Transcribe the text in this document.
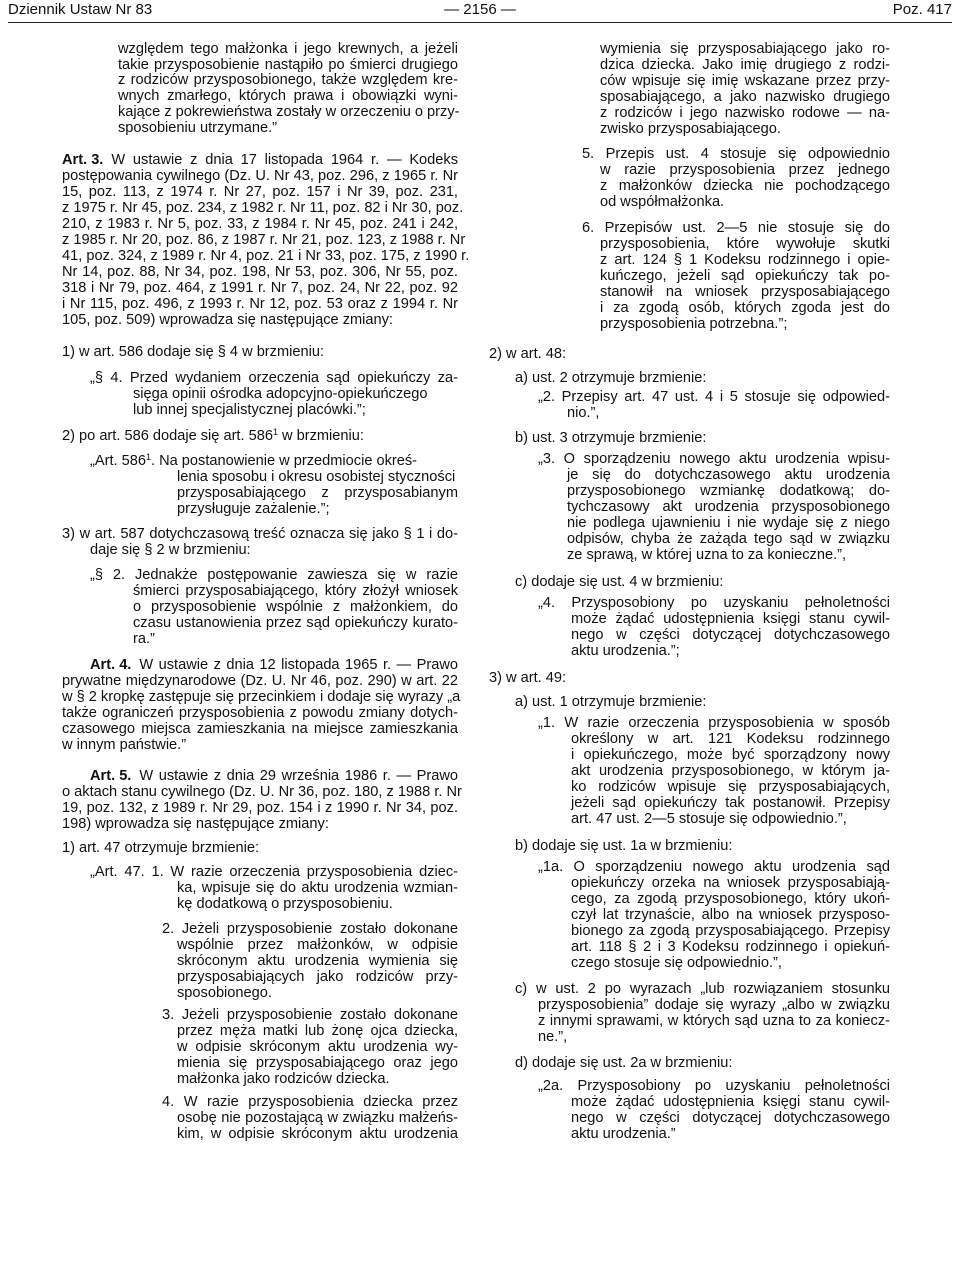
Dziennik Ustaw Nr 83	— 2156 —	Poz. 417

względem tego małżonka i jego krewnych, a jeżeli

takie przysposobienie nastąpiło po śmierci drugiego

z rodziców przysposobionego, także względem kre-

wnych zmarłego, których prawa i obowiązki wyni-

kające z pokrewieństwa zostały w orzeczeniu o przy-

sposobieniu utrzymane.”

Art. 3. W ustawie z dnia 17 listopada 1964 r. — Kodeks

postępowania cywilnego (Dz. U. Nr 43, poz. 296, z 1965 r. Nr

15, poz. 113, z 1974 r. Nr 27, poz. 157 i Nr 39, poz. 231,

z 1975 r. Nr 45, poz. 234, z 1982 r. Nr 11, poz. 82 i Nr 30, poz.

210, z 1983 r. Nr 5, poz. 33, z 1984 r. Nr 45, poz. 241 i 242,

z 1985 r. Nr 20, poz. 86, z 1987 r. Nr 21, poz. 123, z 1988 r. Nr

41, poz. 324, z 1989 r. Nr 4, poz. 21 i Nr 33, poz. 175, z 1990 r.

Nr 14, poz. 88, Nr 34, poz. 198, Nr 53, poz. 306, Nr 55, poz.

318 i Nr 79, poz. 464, z 1991 r. Nr 7, poz. 24, Nr 22, poz. 92

i Nr 115, poz. 496, z 1993 r. Nr 12, poz. 53 oraz z 1994 r. Nr

105, poz. 509) wprowadza się następujące zmiany:

1) w art. 586 dodaje się § 4 w brzmieniu:

„§ 4. Przed wydaniem orzeczenia sąd opiekuńczy za-

sięga opinii ośrodka adopcyjno-opiekuńczego

lub innej specjalistycznej placówki.”;

2) po art. 586 dodaje się art. $586^1$ w brzmieniu:

„Art. $586^1$. Na postanowienie w przedmiocie okreś-

lenia sposobu i okresu osobistej styczności

przysposabiającego z przysposabianym

przysługuje zażalenie.”;

3) w art. 587 dotychczasową treść oznacza się jako § 1 i do-

daje się § 2 w brzmieniu:

„§ 2. Jednakże postępowanie zawiesza się w razie

śmierci przysposabiającego, który złożył wniosek

o przysposobienie wspólnie z małżonkiem, do

czasu ustanowienia przez sąd opiekuńczy kurato-

ra.”

Art. 4. W ustawie z dnia 12 listopada 1965 r. — Prawo

prywatne międzynarodowe (Dz. U. Nr 46, poz. 290) w art. 22

w § 2 kropkę zastępuje się przecinkiem i dodaje się wyrazy „a

także ograniczeń przysposobienia z powodu zmiany dotych-

czasowego miejsca zamieszkania na miejsce zamieszkania

w innym państwie.”

Art. 5. W ustawie z dnia 29 września 1986 r. — Prawo

o aktach stanu cywilnego (Dz. U. Nr 36, poz. 180, z 1988 r. Nr

19, poz. 132, z 1989 r. Nr 29, poz. 154 i z 1990 r. Nr 34, poz.

198) wprowadza się następujące zmiany:

1) art. 47 otrzymuje brzmienie:

„Art. 47. 1. W razie orzeczenia przysposobienia dziec-

ka, wpisuje się do aktu urodzenia wzmian-

kę dodatkową o przysposobieniu.

2. Jeżeli przysposobienie zostało dokonane

wspólnie przez małżonków, w odpisie

skróconym aktu urodzenia wymienia się

przysposabiających jako rodziców przy-

sposobionego.

3. Jeżeli przysposobienie zostało dokonane

przez męża matki lub żonę ojca dziecka,

w odpisie skróconym aktu urodzenia wy-

mienia się przysposabiającego oraz jego

małżonka jako rodziców dziecka.

4. W razie przysposobienia dziecka przez

osobę nie pozostającą w związku małżeńs-

kim, w odpisie skróconym aktu urodzenia

wymienia się przysposabiającego jako ro-

dzica dziecka. Jako imię drugiego z rodzi-

ców wpisuje się imię wskazane przez przy-

sposabiającego, a jako nazwisko drugiego

z rodziców i jego nazwisko rodowe — na-

zwisko przysposabiającego.

5. Przepis ust. 4 stosuje się odpowiednio

w razie przysposobienia przez jednego

z małżonków dziecka nie pochodzącego

od współmałżonka.

6. Przepisów ust. 2—5 nie stosuje się do

przysposobienia, które wywołuje skutki

z art. 124 § 1 Kodeksu rodzinnego i opie-

kuńczego, jeżeli sąd opiekuńczy tak po-

stanowił na wniosek przysposabiającego

i za zgodą osób, których zgoda jest do

przysposobienia potrzebna.”;

2) w art. 48:

a) ust. 2 otrzymuje brzmienie:

„2. Przepisy art. 47 ust. 4 i 5 stosuje się odpowied-

nio.”,

b) ust. 3 otrzymuje brzmienie:

„3. O sporządzeniu nowego aktu urodzenia wpisu-

je się do dotychczasowego aktu urodzenia

przysposobionego wzmiankę dodatkową; do-

tychczasowy akt urodzenia przysposobionego

nie podlega ujawnieniu i nie wydaje się z niego

odpisów, chyba że zażąda tego sąd w związku

ze sprawą, w której uzna to za konieczne.”,

c) dodaje się ust. 4 w brzmieniu:

„4. Przysposobiony po uzyskaniu pełnoletności

może żądać udostępnienia księgi stanu cywil-

nego w części dotyczącej dotychczasowego

aktu urodzenia.”;

3) w art. 49:

a) ust. 1 otrzymuje brzmienie:

„1. W razie orzeczenia przysposobienia w sposób

określony w art. 121 Kodeksu rodzinnego

i opiekuńczego, może być sporządzony nowy

akt urodzenia przysposobionego, w którym ja-

ko rodziców wpisuje się przysposabiających,

jeżeli sąd opiekuńczy tak postanowił. Przepisy

art. 47 ust. 2—5 stosuje się odpowiednio.”,

b) dodaje się ust. 1a w brzmieniu:

„1a. O sporządzeniu nowego aktu urodzenia sąd

opiekuńczy orzeka na wniosek przysposabiają-

cego, za zgodą przysposobionego, który ukoń-

czył lat trzynaście, albo na wniosek przysposo-

bionego za zgodą przysposabiającego. Przepisy

art. 118 § 2 i 3 Kodeksu rodzinnego i opiekuń-

czego stosuje się odpowiednio.”,

c) w ust. 2 po wyrazach „lub rozwiązaniem stosunku

przysposobienia” dodaje się wyrazy „albo w związku

z innymi sprawami, w których sąd uzna to za koniecz-

ne.”,

d) dodaje się ust. 2a w brzmieniu:

„2a. Przysposobiony po uzyskaniu pełnoletności

może żądać udostępnienia księgi stanu cywil-

nego w części dotyczącej dotychczasowego

aktu urodzenia.”
